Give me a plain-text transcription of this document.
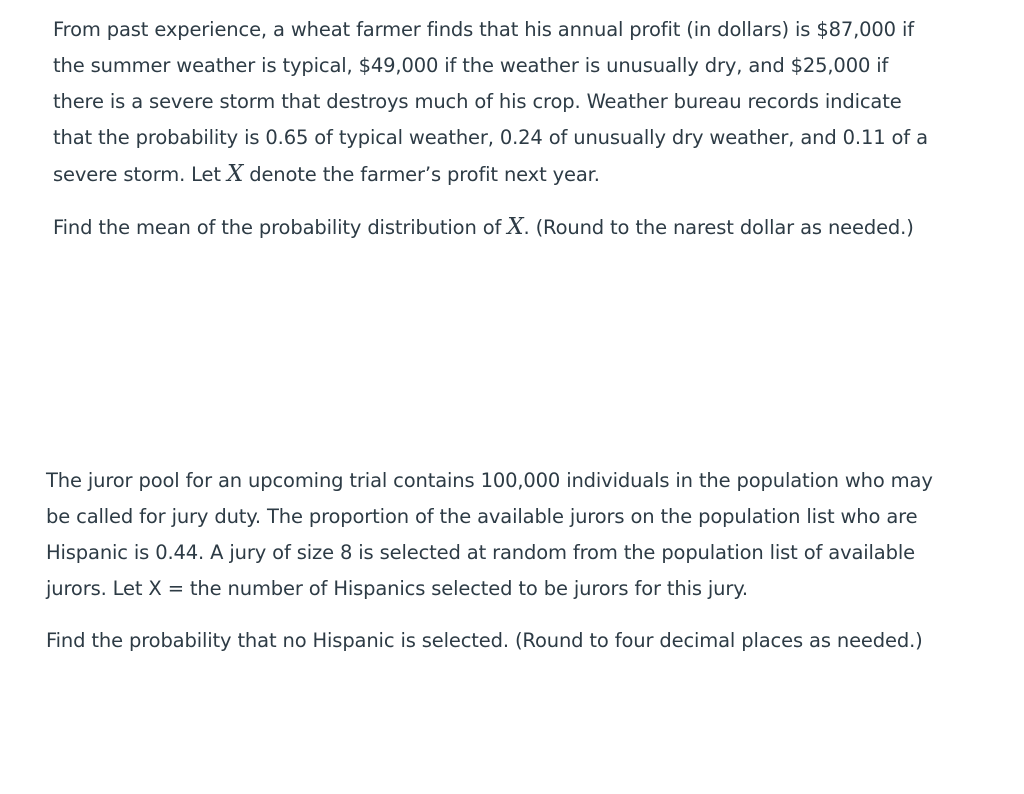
From past experience, a wheat farmer finds that his annual profit (in dollars) is $87,000 if the summer weather is typical, $49,000 if the weather is unusually dry, and $25,000 if there is a severe storm that destroys much of his crop. Weather bureau records indicate that the probability is 0.65 of typical weather, 0.24 of unusually dry weather, and 0.11 of a severe storm. Let X denote the farmer’s profit next year.

Find the mean of the probability distribution of X. (Round to the narest dollar as needed.)

The juror pool for an upcoming trial contains 100,000 individuals in the population who may be called for jury duty. The proportion of the available jurors on the population list who are Hispanic is 0.44. A jury of size 8 is selected at random from the population list of available jurors. Let X = the number of Hispanics selected to be jurors for this jury.

Find the probability that no Hispanic is selected. (Round to four decimal places as needed.)
